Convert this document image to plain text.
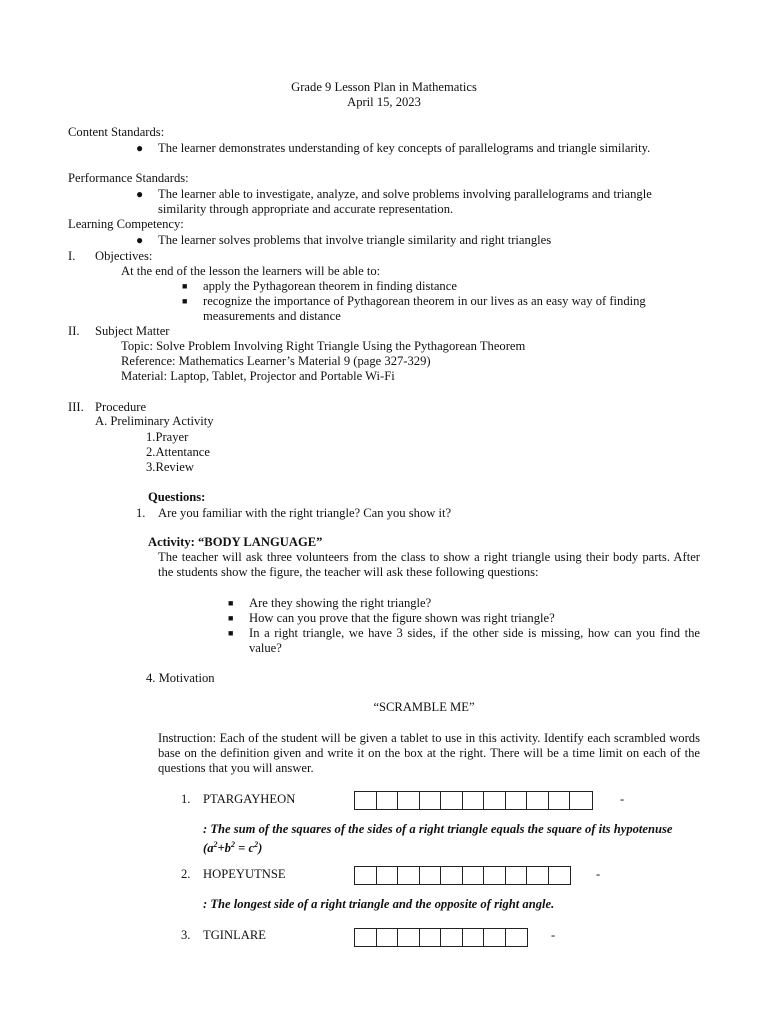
Grade 9 Lesson Plan in Mathematics
April 15, 2023
Content Standards:
● The learner demonstrates understanding of key concepts of parallelograms and triangle similarity.
Performance Standards:
● The learner able to investigate, analyze, and solve problems involving parallelograms and triangle similarity through appropriate and accurate representation.
Learning Competency:
● The learner solves problems that involve triangle similarity and right triangles
I. Objectives:
At the end of the lesson the learners will be able to:
■ apply the Pythagorean theorem in finding distance
■ recognize the importance of Pythagorean theorem in our lives as an easy way of finding measurements and distance
II. Subject Matter
Topic: Solve Problem Involving Right Triangle Using the Pythagorean Theorem
Reference: Mathematics Learner’s Material 9 (page 327-329)
Material: Laptop, Tablet, Projector and Portable Wi-Fi
III. Procedure
A. Preliminary Activity
1.Prayer
2.Attentance
3.Review
Questions:
1. Are you familiar with the right triangle? Can you show it?
Activity: “BODY LANGUAGE”
The teacher will ask three volunteers from the class to show a right triangle using their body parts. After the students show the figure, the teacher will ask these following questions:
■ Are they showing the right triangle?
■ How can you prove that the figure shown was right triangle?
■ In a right triangle, we have 3 sides, if the other side is missing, how can you find the value?
4. Motivation
“SCRAMBLE ME”
Instruction: Each of the student will be given a tablet to use in this activity. Identify each scrambled words base on the definition given and write it on the box at the right. There will be a time limit on each of the questions that you will answer.
1. PTARGAYHEON	-
: The sum of the squares of the sides of a right triangle equals the square of its hypotenuse $(a^2+b^2 = c^2)$
2. HOPEYUTNSE	-
: The longest side of a right triangle and the opposite of right angle.
3. TGINLARE	-
